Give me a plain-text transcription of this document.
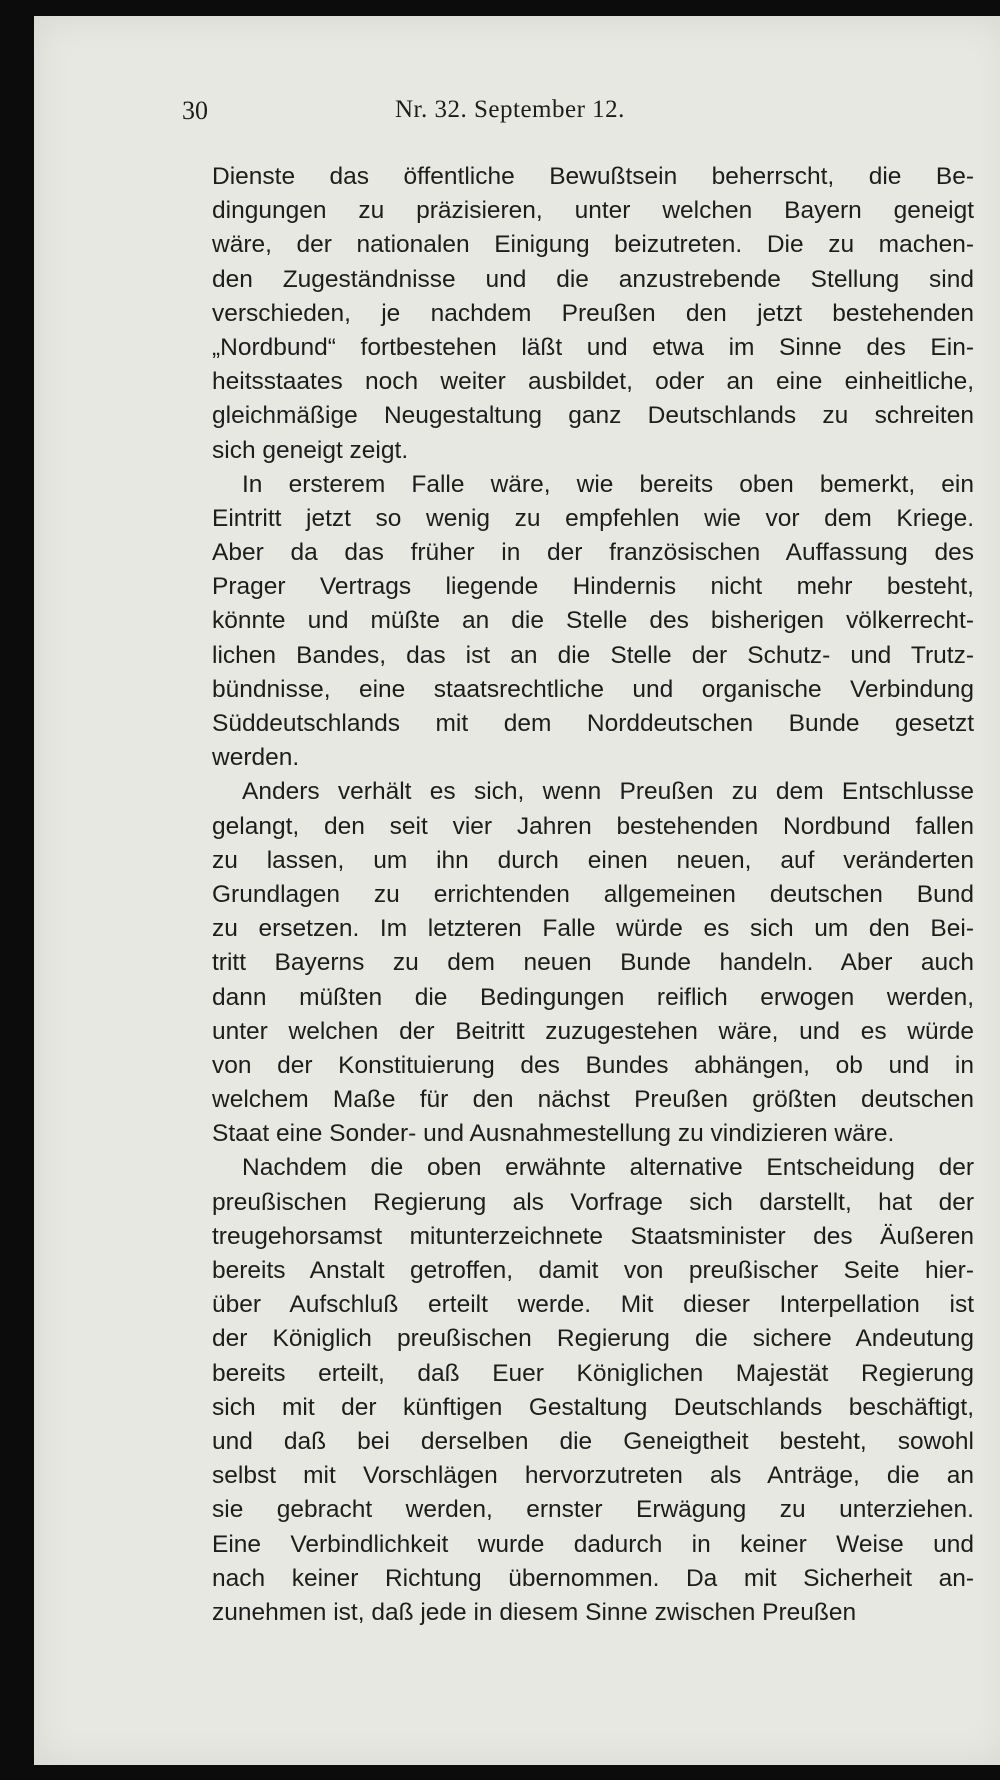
30	Nr. 32. September 12.
Dienste das öffentliche Bewußtsein beherrscht, die Be-
dingungen zu präzisieren, unter welchen Bayern geneigt
wäre, der nationalen Einigung beizutreten. Die zu machen-
den Zugeständnisse und die anzustrebende Stellung sind
verschieden, je nachdem Preußen den jetzt bestehenden
„Nordbund“ fortbestehen läßt und etwa im Sinne des Ein-
heitsstaates noch weiter ausbildet, oder an eine einheitliche,
gleichmäßige Neugestaltung ganz Deutschlands zu schreiten
sich geneigt zeigt.
In ersterem Falle wäre, wie bereits oben bemerkt, ein
Eintritt jetzt so wenig zu empfehlen wie vor dem Kriege.
Aber da das früher in der französischen Auffassung des
Prager Vertrags liegende Hindernis nicht mehr besteht,
könnte und müßte an die Stelle des bisherigen völkerrecht-
lichen Bandes, das ist an die Stelle der Schutz- und Trutz-
bündnisse, eine staatsrechtliche und organische Verbindung
Süddeutschlands mit dem Norddeutschen Bunde gesetzt
werden.
Anders verhält es sich, wenn Preußen zu dem Entschlusse
gelangt, den seit vier Jahren bestehenden Nordbund fallen
zu lassen, um ihn durch einen neuen, auf veränderten
Grundlagen zu errichtenden allgemeinen deutschen Bund
zu ersetzen. Im letzteren Falle würde es sich um den Bei-
tritt Bayerns zu dem neuen Bunde handeln. Aber auch
dann müßten die Bedingungen reiflich erwogen werden,
unter welchen der Beitritt zuzugestehen wäre, und es würde
von der Konstituierung des Bundes abhängen, ob und in
welchem Maße für den nächst Preußen größten deutschen
Staat eine Sonder- und Ausnahmestellung zu vindizieren wäre.
Nachdem die oben erwähnte alternative Entscheidung der
preußischen Regierung als Vorfrage sich darstellt, hat der
treugehorsamst mitunterzeichnete Staatsminister des Äußeren
bereits Anstalt getroffen, damit von preußischer Seite hier-
über Aufschluß erteilt werde. Mit dieser Interpellation ist
der Königlich preußischen Regierung die sichere Andeutung
bereits erteilt, daß Euer Königlichen Majestät Regierung
sich mit der künftigen Gestaltung Deutschlands beschäftigt,
und daß bei derselben die Geneigtheit besteht, sowohl
selbst mit Vorschlägen hervorzutreten als Anträge, die an
sie gebracht werden, ernster Erwägung zu unterziehen.
Eine Verbindlichkeit wurde dadurch in keiner Weise und
nach keiner Richtung übernommen. Da mit Sicherheit an-
zunehmen ist, daß jede in diesem Sinne zwischen Preußen
